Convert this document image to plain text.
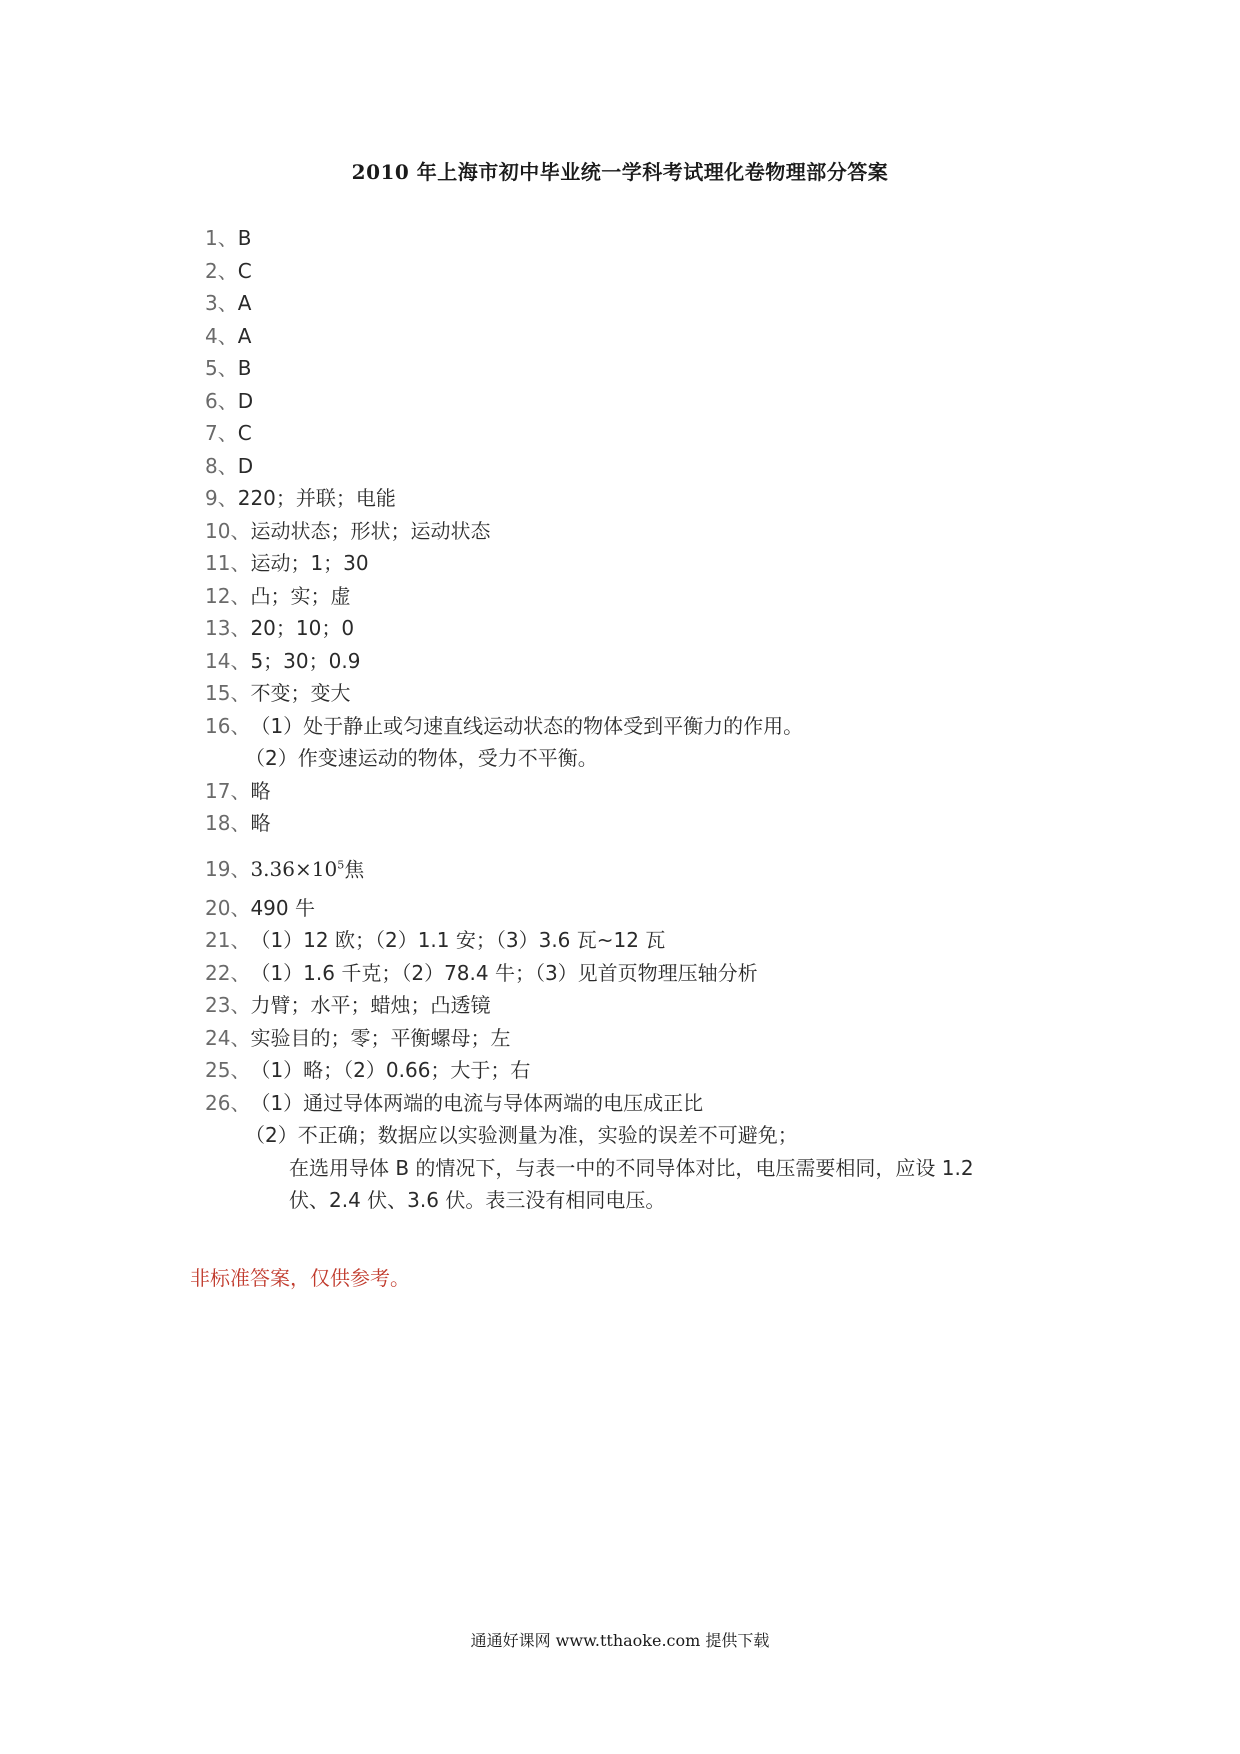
2010 年上海市初中毕业统一学科考试理化卷物理部分答案
1、B
2、C
3、A
4、A
5、B
6、D
7、C
8、D
9、220；并联；电能
10、运动状态；形状；运动状态
11、运动；1；30
12、凸；实；虚
13、20；10；0
14、5；30；0.9
15、不变；变大
16、（1）处于静止或匀速直线运动状态的物体受到平衡力的作用。
（2）作变速运动的物体，受力不平衡。
17、略
18、略
19、$3.36\times 10^5$焦
20、490 牛
21、（1）12 欧；（2）1.1 安；（3）3.6 瓦~12 瓦
22、（1）1.6 千克；（2）78.4 牛；（3）见首页物理压轴分析
23、力臂；水平；蜡烛；凸透镜
24、实验目的；零；平衡螺母；左
25、（1）略；（2）0.66；大于；右
26、（1）通过导体两端的电流与导体两端的电压成正比
（2）不正确；数据应以实验测量为准，实验的误差不可避免；
在选用导体 B 的情况下，与表一中的不同导体对比，电压需要相同，应设 1.2
伏、2.4 伏、3.6 伏。表三没有相同电压。
非标准答案，仅供参考。
通通好课网 www.tthaoke.com 提供下载
